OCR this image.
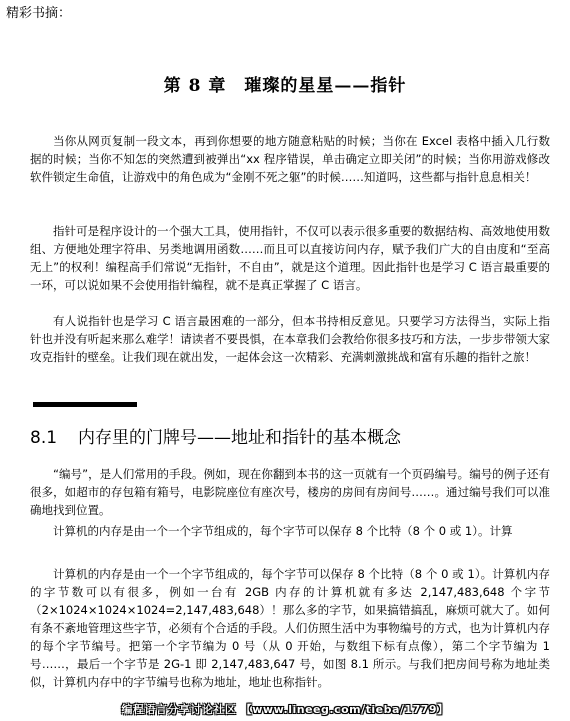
精彩书摘：
第 8 章　璀璨的星星——指针
当你从网页复制一段文本，再到你想要的地方随意粘贴的时候；当你在 Excel 表格中插入几行数据的时候；当你不知怎的突然遭到被弹出“xx 程序错误，单击确定立即关闭”的时候；当你用游戏修改软件锁定生命值，让游戏中的角色成为“金刚不死之躯”的时候……知道吗，这些都与指针息息相关！
指针可是程序设计的一个强大工具，使用指针，不仅可以表示很多重要的数据结构、高效地使用数组、方便地处理字符串、另类地调用函数……而且可以直接访问内存，赋予我们广大的自由度和“至高无上”的权利！编程高手们常说“无指针，不自由”，就是这个道理。因此指针也是学习 C 语言最重要的一环，可以说如果不会使用指针编程，就不是真正掌握了 C 语言。
有人说指针也是学习 C 语言最困难的一部分，但本书持相反意见。只要学习方法得当，实际上指针也并没有听起来那么难学！请读者不要畏惧，在本章我们会教给你很多技巧和方法，一步步带领大家攻克指针的壁垒。让我们现在就出发，一起体会这一次精彩、充满刺激挑战和富有乐趣的指针之旅！
8.1 内存里的门牌号——地址和指针的基本概念
“编号”，是人们常用的手段。例如，现在你翻到本书的这一页就有一个页码编号。编号的例子还有很多，如超市的存包箱有箱号，电影院座位有座次号，楼房的房间有房间号……。通过编号我们可以准确地找到位置。
计算机的内存是由一个一个字节组成的，每个字节可以保存 8 个比特（8 个 0 或 1）。计算
计算机的内存是由一个一个字节组成的，每个字节可以保存 8 个比特（8 个 0 或 1）。计算机内存的字节数可以有很多，例如一台有 2GB 内存的计算机就有多达 2,147,483,648 个字节（2×1024×1024×1024=2,147,483,648）！那么多的字节，如果搞错搞乱，麻烦可就大了。如何有条不紊地管理这些字节，必须有个合适的手段。人们仿照生活中为事物编号的方式，也为计算机内存的每个字节编号。把第一个字节编为 0 号（从 0 开始，与数组下标有点像），第二个字节编为 1 号……，最后一个字节是 2G-1 即 2,147,483,647 号，如图 8.1 所示。与我们把房间号称为地址类似，计算机内存中的字节编号也称为地址，地址也称指针。
编程语言分享讨论社区 【www.lineeg.com/tieba/1779】
